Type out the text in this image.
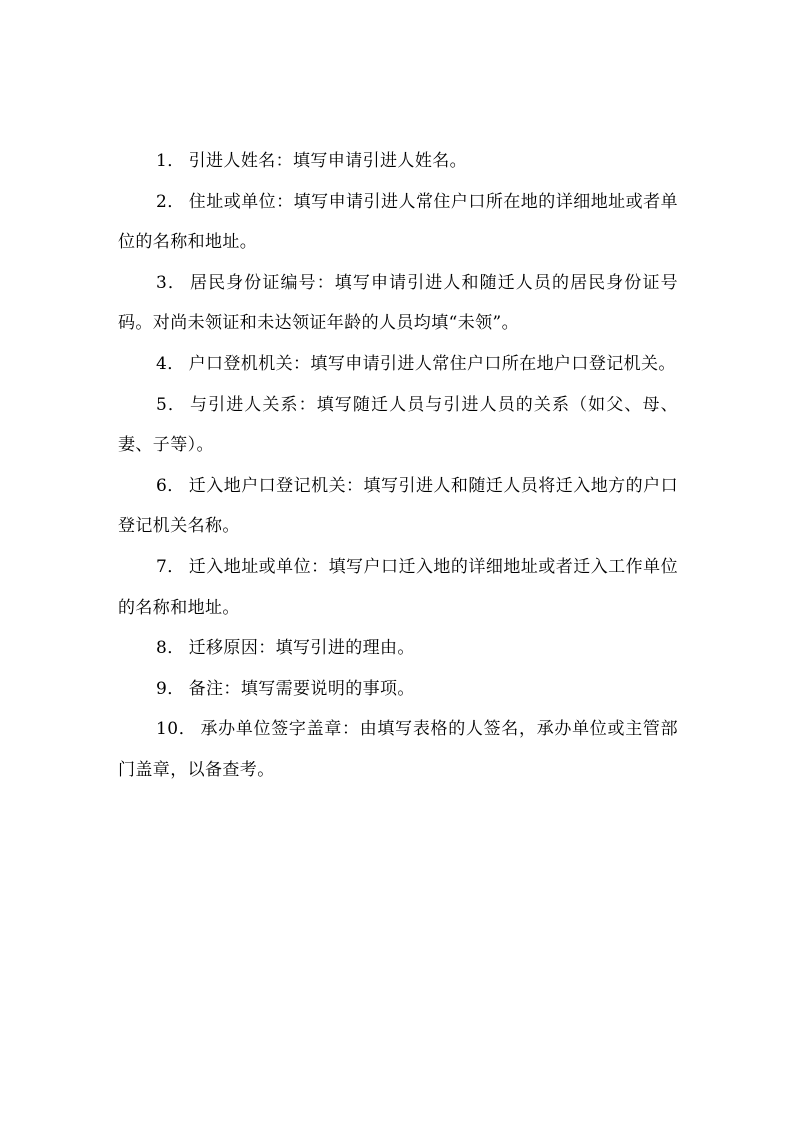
1． 引进人姓名：填写申请引进人姓名。

2． 住址或单位：填写申请引进人常住户口所在地的详细地址或者单位的名称和地址。

3． 居民身份证编号：填写申请引进人和随迁人员的居民身份证号码。对尚未领证和未达领证年龄的人员均填“未领”。

4． 户口登机机关：填写申请引进人常住户口所在地户口登记机关。

5． 与引进人关系：填写随迁人员与引进人员的关系（如父、母、妻、子等）。

6． 迁入地户口登记机关：填写引进人和随迁人员将迁入地方的户口登记机关名称。

7． 迁入地址或单位：填写户口迁入地的详细地址或者迁入工作单位的名称和地址。

8． 迁移原因：填写引进的理由。

9． 备注：填写需要说明的事项。

10． 承办单位签字盖章：由填写表格的人签名，承办单位或主管部门盖章，以备查考。
